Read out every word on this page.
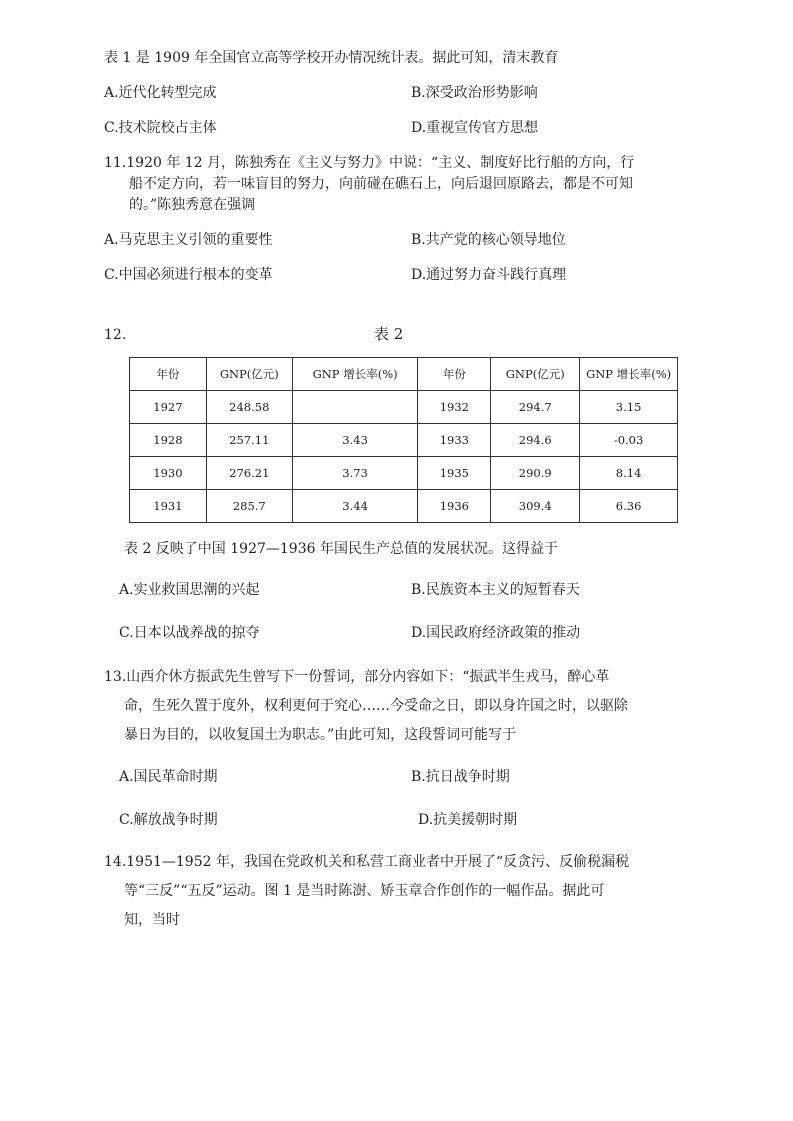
表 1 是 1909 年全国官立高等学校开办情况统计表。据此可知，清末教育
A.近代化转型完成	B.深受政治形势影响
C.技术院校占主体	D.重视宣传官方思想
11.1920 年 12 月，陈独秀在《主义与努力》中说：“主义、制度好比行船的方向，行
船不定方向，若一味盲目的努力，向前碰在礁石上，向后退回原路去，都是不可知
的。”陈独秀意在强调
A.马克思主义引领的重要性	B.共产党的核心领导地位
C.中国必须进行根本的变革	D.通过努力奋斗践行真理
12.	表 2
年份	GNP(亿元)	GNP 增长率(%)	年份	GNP(亿元)	GNP 增长率(%)
1927	248.58		1932	294.7	3.15
1928	257.11	3.43	1933	294.6	-0.03
1930	276.21	3.73	1935	290.9	8.14
1931	285.7	3.44	1936	309.4	6.36
表 2 反映了中国 1927—1936 年国民生产总值的发展状况。这得益于
A.实业救国思潮的兴起	B.民族资本主义的短暂春天
C.日本以战养战的掠夺	D.国民政府经济政策的推动
13.山西介休方振武先生曾写下一份誓词，部分内容如下：“振武半生戎马，醉心革
命，生死久置于度外，权利更何于究心……今受命之日，即以身许国之时，以驱除
暴日为目的，以收复国土为职志。”由此可知，这段誓词可能写于
A.国民革命时期	B.抗日战争时期
C.解放战争时期	D.抗美援朝时期
14.1951—1952 年，我国在党政机关和私营工商业者中开展了“反贪污、反偷税漏税
等“三反”“五反”运动。图 1 是当时陈澍、矫玉章合作创作的一幅作品。据此可
知，当时
